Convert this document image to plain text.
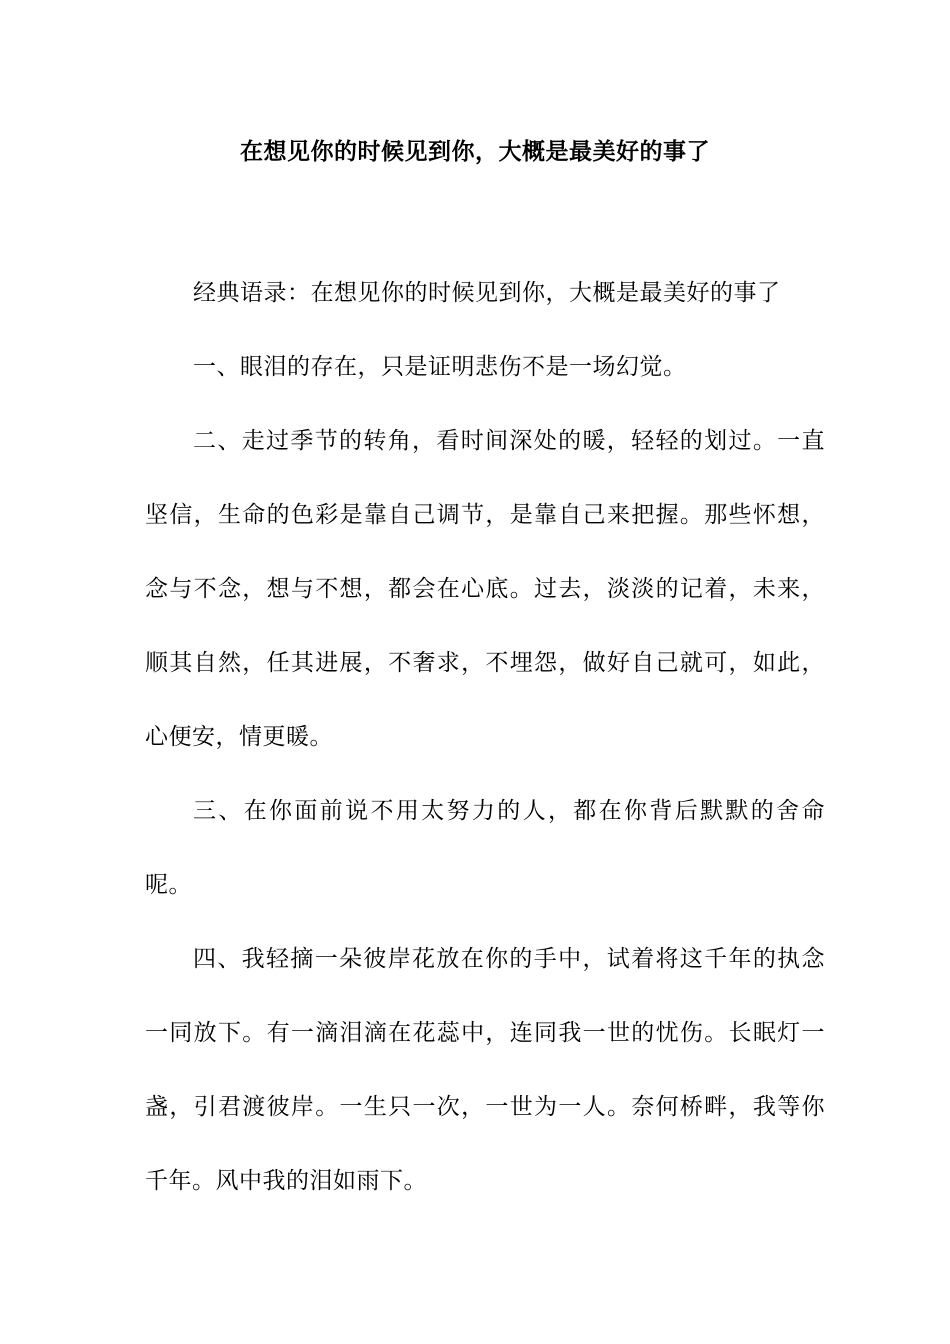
在想见你的时候见到你，大概是最美好的事了

经典语录：在想见你的时候见到你，大概是最美好的事了

一、眼泪的存在，只是证明悲伤不是一场幻觉。

二、走过季节的转角，看时间深处的暖，轻轻的划过。一直坚信，生命的色彩是靠自己调节，是靠自己来把握。那些怀想，念与不念，想与不想，都会在心底。过去，淡淡的记着，未来，顺其自然，任其进展，不奢求，不埋怨，做好自己就可，如此，心便安，情更暖。

三、在你面前说不用太努力的人，都在你背后默默的舍命呢。

四、我轻摘一朵彼岸花放在你的手中，试着将这千年的执念一同放下。有一滴泪滴在花蕊中，连同我一世的忧伤。长眠灯一盏，引君渡彼岸。一生只一次，一世为一人。奈何桥畔，我等你千年。风中我的泪如雨下。
